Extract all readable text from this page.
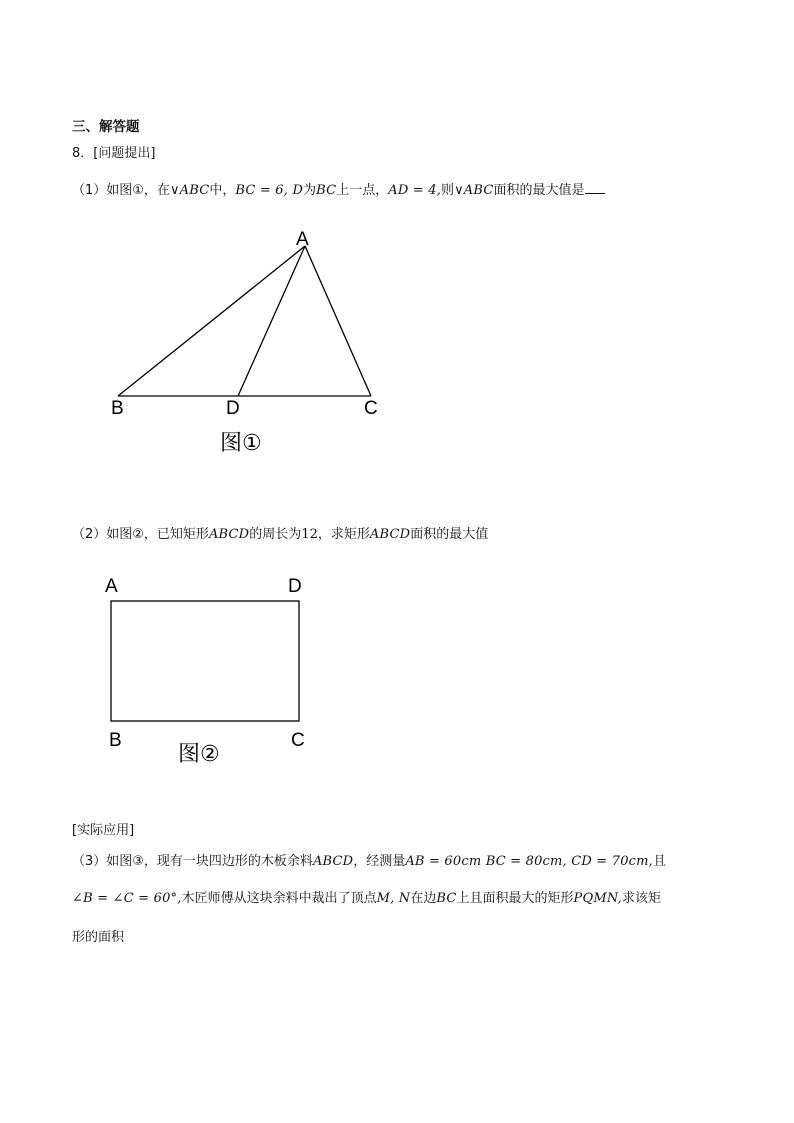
三、解答题
8．[问题提出]
（1）如图①，在∨ABC中，BC = 6, D为BC上一点，AD = 4,则∨ABC面积的最大值是
A
B	D	C
图①
（2）如图②，已知矩形ABCD的周长为12，求矩形ABCD面积的最大值
A	D
B	C
图②
[实际应用]
（3）如图③，现有一块四边形的木板余料ABCD，经测量AB = 60cm BC = 80cm, CD = 70cm,且
∠B = ∠C = 60°,木匠师傅从这块余料中裁出了顶点M, N在边BC上且面积最大的矩形PQMN,求该矩
形的面积
